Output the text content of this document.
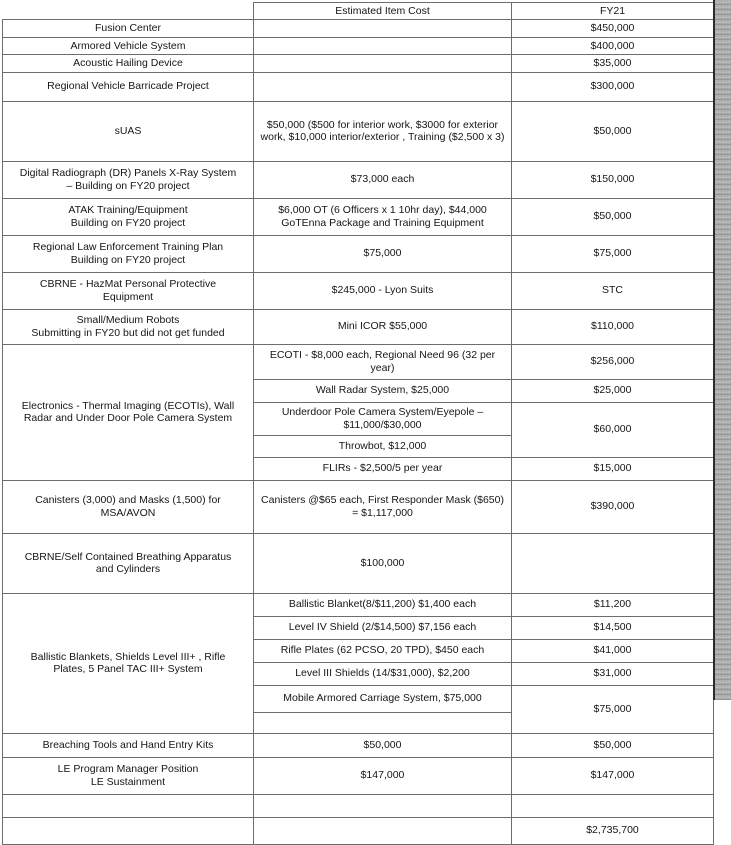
	Estimated Item Cost	FY21
Fusion Center		$450,000
Armored Vehicle System		$400,000
Acoustic Hailing Device		$35,000
Regional Vehicle Barricade Project		$300,000
sUAS	$50,000 ($500 for interior work, $3000 for exterior work, $10,000 interior/exterior , Training ($2,500 x 3)	$50,000

Digital Radiograph (DR) Panels X-Ray System
– Building on FY20 project	$73,000 each	$150,000

ATAK Training/Equipment
Building on FY20 project	$6,000 OT (6 Officers x 1 10hr day), $44,000 GoTEnna Package and Training Equipment	$50,000

Regional Law Enforcement Training Plan
Building on FY20 project	$75,000	$75,000

CBRNE - HazMat Personal Protective
Equipment	$245,000 - Lyon Suits	STC

Small/Medium Robots
Submitting in FY20 but did not get funded	Mini ICOR $55,000	$110,000

Electronics - Thermal Imaging (ECOTIs), Wall
Radar and Under Door Pole Camera System	ECOTI - $8,000 each, Regional Need 96 (32 per year)	$256,000
	Wall Radar System, $25,000	$25,000
	Underdoor Pole Camera System/Eyepole – $11,000/$30,000	$60,000
	Throwbot, $12,000	
	FLIRs - $2,500/5 per year	$15,000

Canisters (3,000) and Masks (1,500) for
MSA/AVON	Canisters @$65 each, First Responder Mask ($650) = $1,117,000	$390,000

CBRNE/Self Contained Breathing Apparatus
and Cylinders	$100,000	

Ballistic Blankets, Shields Level III+ , Rifle
Plates, 5 Panel TAC III+ System	Ballistic Blanket(8/$11,200) $1,400 each	$11,200
	Level IV Shield (2/$14,500) $7,156 each	$14,500
	Rifle Plates (62 PCSO, 20 TPD), $450 each	$41,000
	Level III Shields (14/$31,000), $2,200	$31,000
	Mobile Armored Carriage System, $75,000	$75,000

Breaching Tools and Hand Entry Kits	$50,000	$50,000

LE Program Manager Position
LE Sustainment	$147,000	$147,000

		$2,735,700
